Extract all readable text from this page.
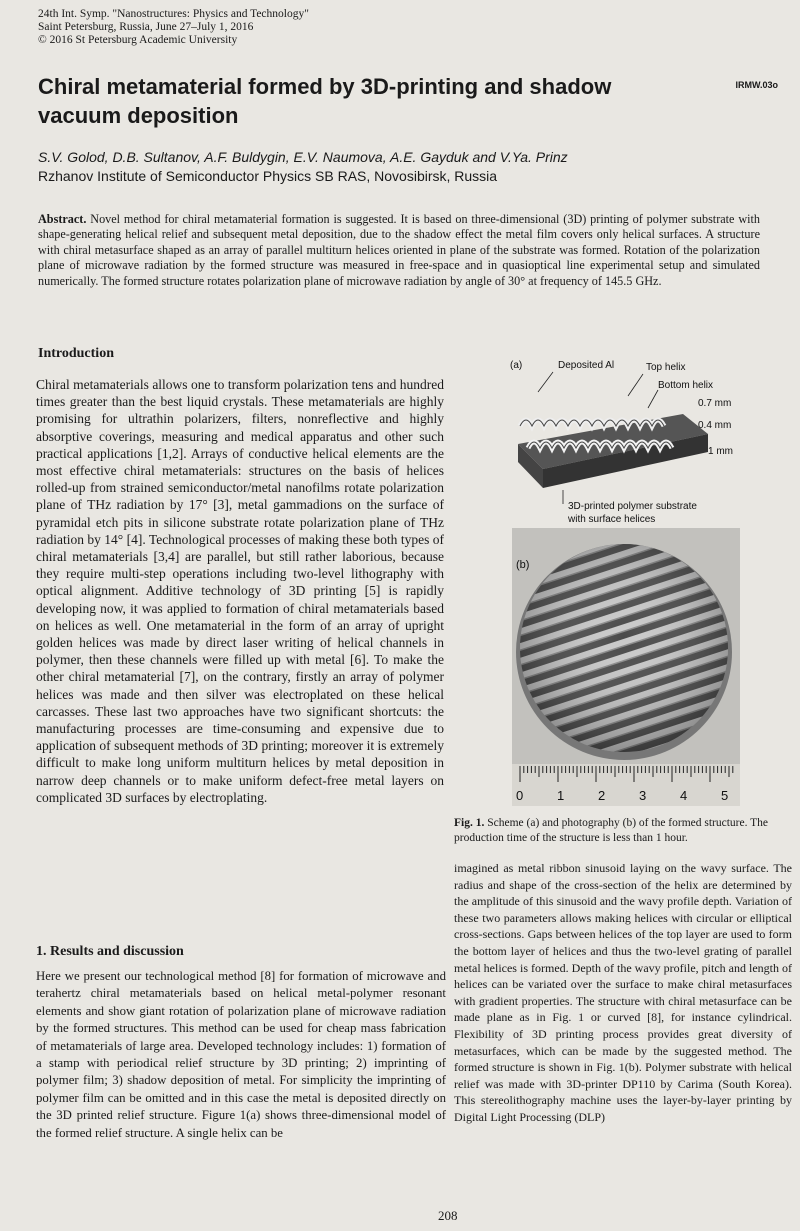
24th Int. Symp. "Nanostructures: Physics and Technology"
Saint Petersburg, Russia, June 27–July 1, 2016
© 2016 St Petersburg Academic University
IRMW.03o
Chiral metamaterial formed by 3D-printing and shadow vacuum deposition
S.V. Golod, D.B. Sultanov, A.F. Buldygin, E.V. Naumova, A.E. Gayduk and V.Ya. Prinz
Rzhanov Institute of Semiconductor Physics SB RAS, Novosibirsk, Russia
Abstract. Novel method for chiral metamaterial formation is suggested. It is based on three-dimensional (3D) printing of polymer substrate with shape-generating helical relief and subsequent metal deposition, due to the shadow effect the metal film covers only helical surfaces. A structure with chiral metasurface shaped as an array of parallel multiturn helices oriented in plane of the substrate was formed. Rotation of the polarization plane of microwave radiation by the formed structure was measured in free-space and in quasioptical line experimental setup and simulated numerically. The formed structure rotates polarization plane of microwave radiation by angle of 30° at frequency of 145.5 GHz.
Introduction
Chiral metamaterials allows one to transform polarization tens and hundred times greater than the best liquid crystals. These metamaterials are highly promising for ultrathin polarizers, filters, nonreflective and highly absorptive coverings, measuring and medical apparatus and other such practical applications [1,2]. Arrays of conductive helical elements are the most effective chiral metamaterials: structures on the basis of helices rolled-up from strained semiconductor/metal nanofilms rotate polarization plane of THz radiation by 17° [3], metal gammadions on the surface of pyramidal etch pits in silicone substrate rotate polarization plane of THz radiation by 14° [4]. Technological processes of making these both types of chiral metamaterials [3,4] are parallel, but still rather laborious, because they require multi-step operations including two-level lithography with optical alignment. Additive technology of 3D printing [5] is rapidly developing now, it was applied to formation of chiral metamaterials based on helices as well. One metamaterial in the form of an array of upright golden helices was made by direct laser writing of helical channels in polymer, then these channels were filled up with metal [6]. To make the other chiral metamaterial [7], on the contrary, firstly an array of polymer helices was made and then silver was electroplated on these helical carcasses. These last two approaches have two significant shortcuts: the manufacturing processes are time-consuming and expensive due to application of subsequent methods of 3D printing; moreover it is extremely difficult to make long uniform multiturn helices by metal deposition in narrow deep channels or to make uniform defect-free metal layers on complicated 3D surfaces by electroplating.
1. Results and discussion
Here we present our technological method [8] for formation of microwave and terahertz chiral metamaterials based on helical metal-polymer resonant elements and show giant rotation of polarization plane of microwave radiation by the formed structures. This method can be used for cheap mass fabrication of metamaterials of large area. Developed technology includes: 1) formation of a stamp with periodical relief structure by 3D printing; 2) imprinting of polymer film; 3) shadow deposition of metal. For simplicity the imprinting of polymer film can be omitted and in this case the metal is deposited directly on the 3D printed relief structure. Figure 1(a) shows three-dimensional model of the formed relief structure. A single helix can be
imagined as metal ribbon sinusoid laying on the wavy surface. The radius and shape of the cross-section of the helix are determined by the amplitude of this sinusoid and the wavy profile depth. Variation of these two parameters allows making helices with circular or elliptical cross-sections. Gaps between helices of the top layer are used to form the bottom layer of helices and thus the two-level grating of parallel metal helices is formed. Depth of the wavy profile, pitch and length of helices can be variated over the surface to make chiral metasurfaces with gradient properties. The structure with chiral metasurface can be made plane as in Fig. 1 or curved [8], for instance cylindrical. Flexibility of 3D printing process provides great diversity of metasurfaces, which can be made by the suggested method. The formed structure is shown in Fig. 1(b). Polymer substrate with helical relief was made with 3D-printer DP110 by Carima (South Korea). This stereolithography machine uses the layer-by-layer printing by Digital Light Processing (DLP)
(a)	Deposited Al	Top helix
Bottom helix
0.7 mm
0.4 mm
1 mm
3D-printed polymer substrate
with surface helices
(b)
0	1	2	3	4	5
Fig. 1. Scheme (a) and photography (b) of the formed structure. The production time of the structure is less than 1 hour.
208
